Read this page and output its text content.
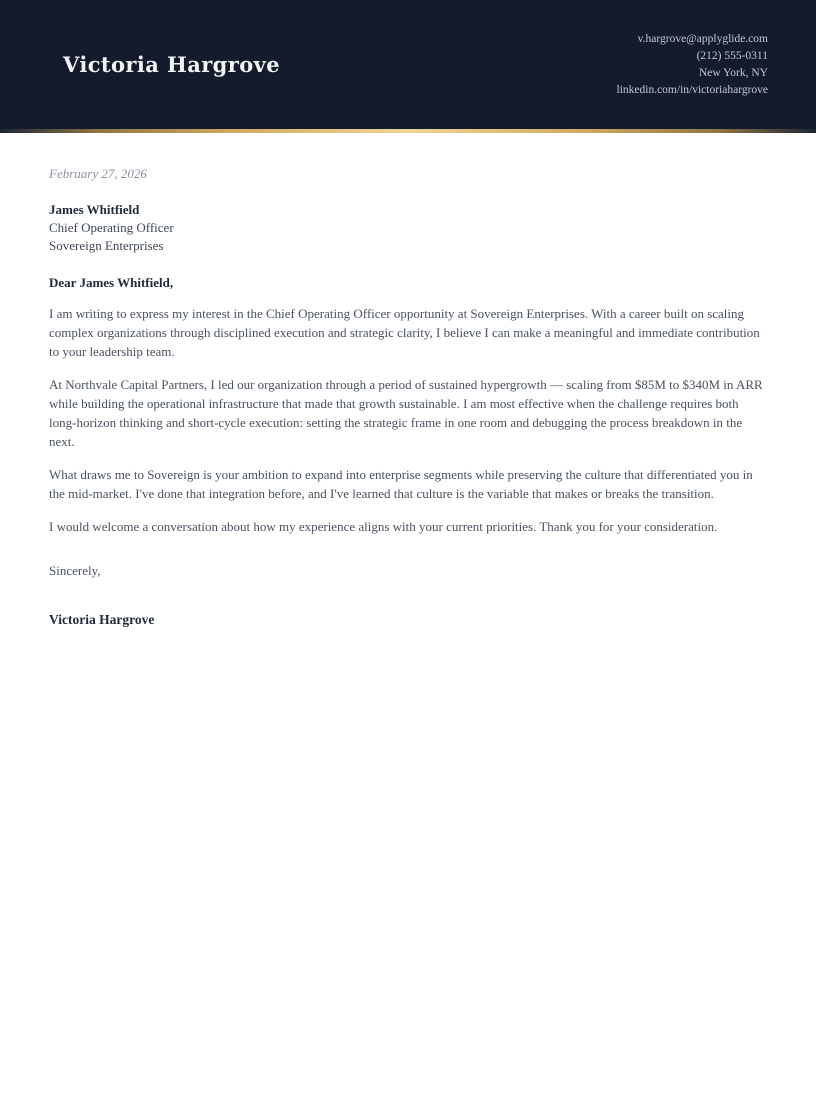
Victoria Hargrove
v.hargrove@applyglide.com
(212) 555-0311
New York, NY
linkedin.com/in/victoriahargrove
February 27, 2026
James Whitfield
Chief Operating Officer
Sovereign Enterprises
Dear James Whitfield,

I am writing to express my interest in the Chief Operating Officer opportunity at Sovereign Enterprises. With a career built on scaling complex organizations through disciplined execution and strategic clarity, I believe I can make a meaningful and immediate contribution to your leadership team.

At Northvale Capital Partners, I led our organization through a period of sustained hypergrowth — scaling from $85M to $340M in ARR while building the operational infrastructure that made that growth sustainable. I am most effective when the challenge requires both long-horizon thinking and short-cycle execution: setting the strategic frame in one room and debugging the process breakdown in the next.

What draws me to Sovereign is your ambition to expand into enterprise segments while preserving the culture that differentiated you in the mid-market. I've done that integration before, and I've learned that culture is the variable that makes or breaks the transition.

I would welcome a conversation about how my experience aligns with your current priorities. Thank you for your consideration.

Sincerely,
Victoria Hargrove
